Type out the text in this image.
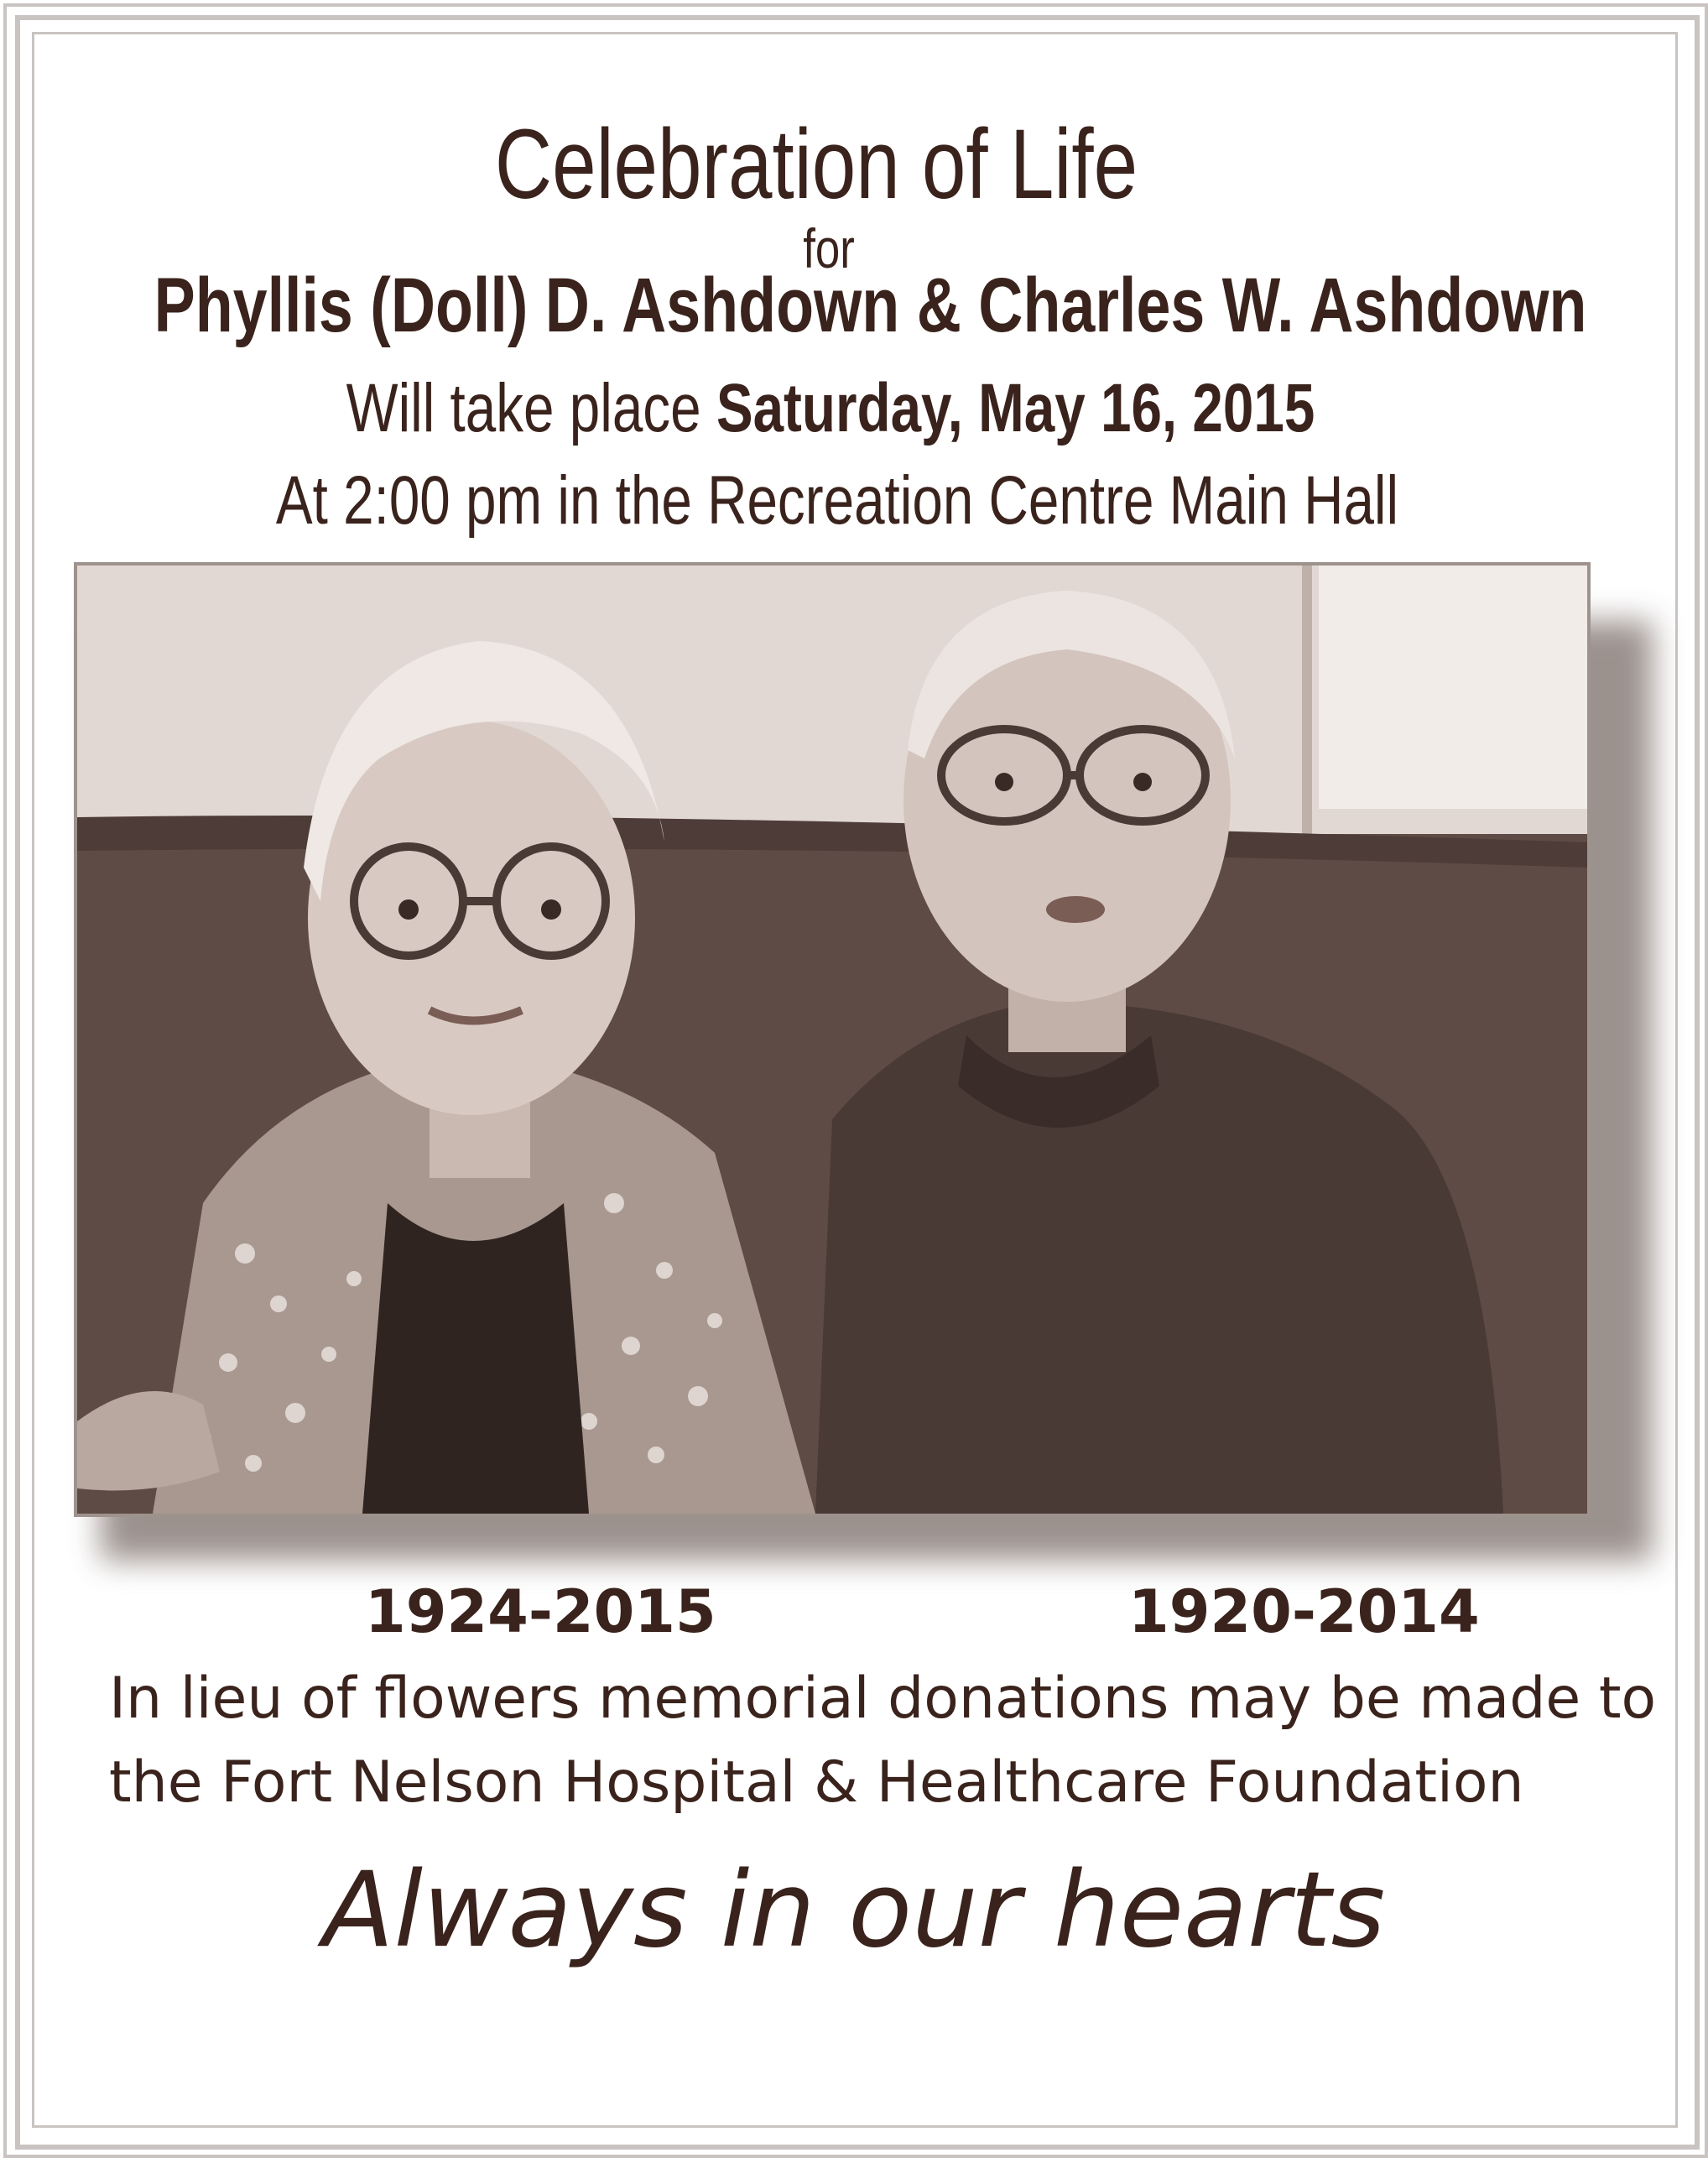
Celebration of Life
for
Phyllis (Doll) D. Ashdown & Charles W. Ashdown
Will take place Saturday, May 16, 2015
At 2:00 pm in the Recreation Centre Main Hall
1924-2015	1920-2014
In lieu of flowers memorial donations may be made to
the Fort Nelson Hospital & Healthcare Foundation
Always in our hearts
